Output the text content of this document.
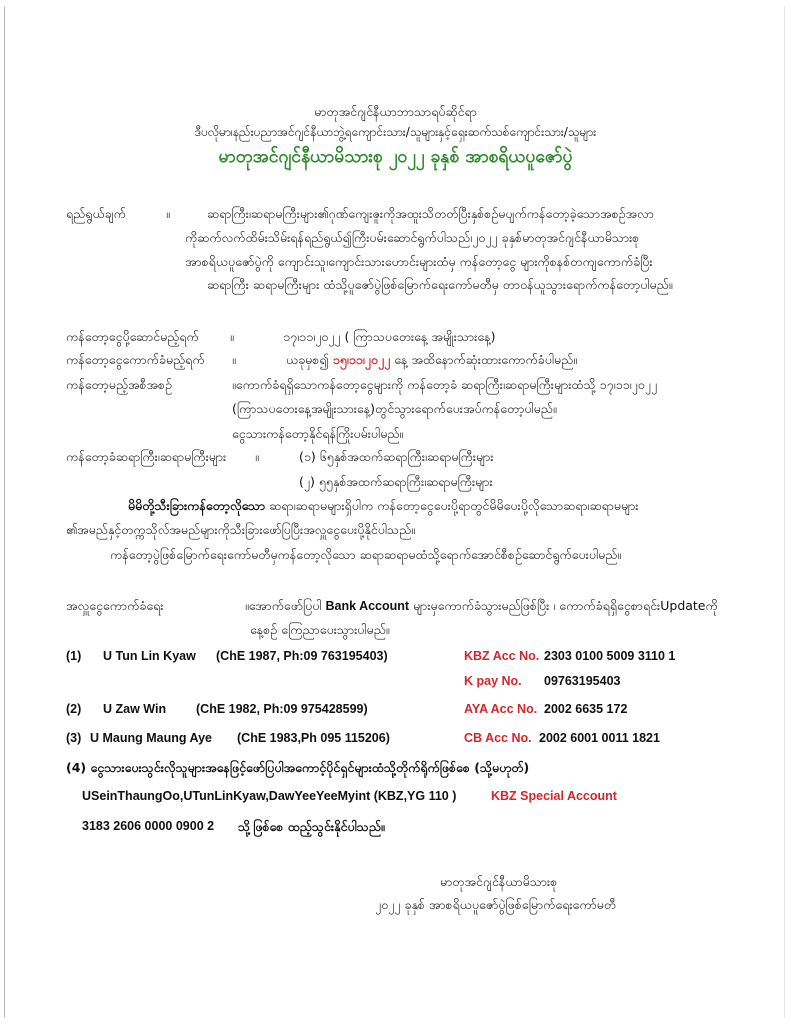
မာတုအင်ဂျင်နီယာဘာသာရပ်ဆိုင်ရာ
ဒီပလိုမာ၊နည်းပညာအင်ဂျင်နီယာဘွဲ့ရကျောင်းသား/သူများနှင့်ရှေးဆက်သစ်ကျောင်းသား/သူများ
မာတုအင်ဂျင်နီယာမိသားစု ၂၀၂၂ ခုနှစ် အာစရိယပူဇော်ပွဲ
ရည်ရွယ်ချက်	။	ဆရာကြီး၊ဆရာမကြီးများ၏ဂုဏ်ကျေးဇူးကိုအထူးသိတတ်ပြီးနှစ်စဉ်မပျက်ကန်တော့ခဲ့သောအစဉ်အလာ
ကိုဆက်လက်ထိမ်းသိမ်းရန်ရည်ရွယ်၍ကြီးပမ်းဆောင်ရွက်ပါသည်၊၂၀၂၂ ခုနှစ်မာတုအင်ဂျင်နီယာမိသားစု
အာစရိယပူဇော်ပွဲကို ကျောင်းသူ၊ကျောင်းသားဟောင်းများထံမှ ကန်တော့ငွေ များကိုစနစ်တကျကောက်ခံပြီး
ဆရာကြီး ဆရာမကြီးများ ထံသို့ပူဇော်ပွဲဖြစ်မြောက်ရေးကော်မတီမှ တာဝန်ယူသွားရောက်ကန်တော့ပါမည်။
ကန်တော့ငွေပို့ဆောင်မည့်ရက်	။	၁၇၊၁၁၊၂၀၂၂ ( ကြာသပတေးနေ့ အမျိုးသားနေ့)
ကန်တော့ငွေကောက်ခံမည့်ရက် ။	ယခုမှစ၍ ၁၅၊၁၁၊၂၀၂၂ နေ့ အထိနောက်ဆုံးထားကောက်ခံပါမည်။
ကန်တော့မည့်အစီအစဉ်	။ကောက်ခံရရှိသောကန်တော့ငွေများကို ကန်တော့ခံ ဆရာကြီး၊ဆရာမကြီးများထံသို့ ၁၇၊၁၁၊၂၀၂၂
(ကြာသပတေးနေ့အမျိုးသားနေ့)တွင်သွားရောက်ပေးအပ်ကန်တော့ပါမည်။
ငွေသားကန်တော့နိုင်ရန်ကြိုးပမ်းပါမည်။
ကန်တော့ခံဆရာကြီး၊ဆရာမကြီးများ ။	(၁) ၆၅နှစ်အထက်ဆရာကြီး၊ဆရာမကြီးများ
(၂) ၅၅နှစ်အထက်ဆရာကြီး၊ဆရာမကြီးများ
မိမိတို့သီးခြားကန်တော့လိုသော ဆရာ၊ဆရာမများရှိပါက ကန်တော့ငွေပေးပို့ရာတွင်မိမိပေးပို့လိုသောဆရာ၊ဆရာမများ
၏အမည်နှင့်တက္ကသိုလ်အမည်များကိုသီးခြားဖော်ပြပြီးအလှူငွေပေးပို့နိုင်ပါသည်။
ကန်တော့ပွဲဖြစ်မြောက်ရေးကော်မတီမှကန်တော့လိုသော ဆရာဆရာမထံသို့ရောက်အောင်စီစဉ်ဆောင်ရွက်ပေးပါမည်။
အလှူငွေကောက်ခံရေး	။အောက်ဖော်ပြပါ Bank Account များမှကောက်ခံသွားမည်ဖြစ်ပြီး ၊ ကောက်ခံရရှိငွေစာရင်းUpdateကို
နေ့စဉ် ကြေညာပေးသွားပါမည်။
(1) U Tun Lin Kyaw (ChE 1987, Ph:09 763195403)	KBZ Acc No. 2303 0100 5009 3110 1
K pay No. 09763195403
(2) U Zaw Win (ChE 1982, Ph:09 975428599)	AYA Acc No. 2002 6635 172
(3) U Maung Maung Aye (ChE 1983,Ph 095 115206)	CB Acc No. 2002 6001 0011 1821
(4) ငွေသားပေးသွင်းလိုသူများအနေဖြင့်ဖော်ပြပါအကောင့်ပိုင်ရှင်များထံသို့တိုက်ရိုက်ဖြစ်စေ (သို့မဟုတ်)
USeinThaungOo,UTunLinKyaw,DawYeeYeeMyint (KBZ,YG 110 )	KBZ Special Account
3183 2606 0000 0900 2 သို့ဖြစ်စေ ထည့်သွင်းနိုင်ပါသည်။
မာတုအင်ဂျင်နီယာမိသားစု
၂၀၂၂ ခုနှစ် အာစရိယပူဇော်ပွဲဖြစ်မြောက်ရေးကော်မတီ
